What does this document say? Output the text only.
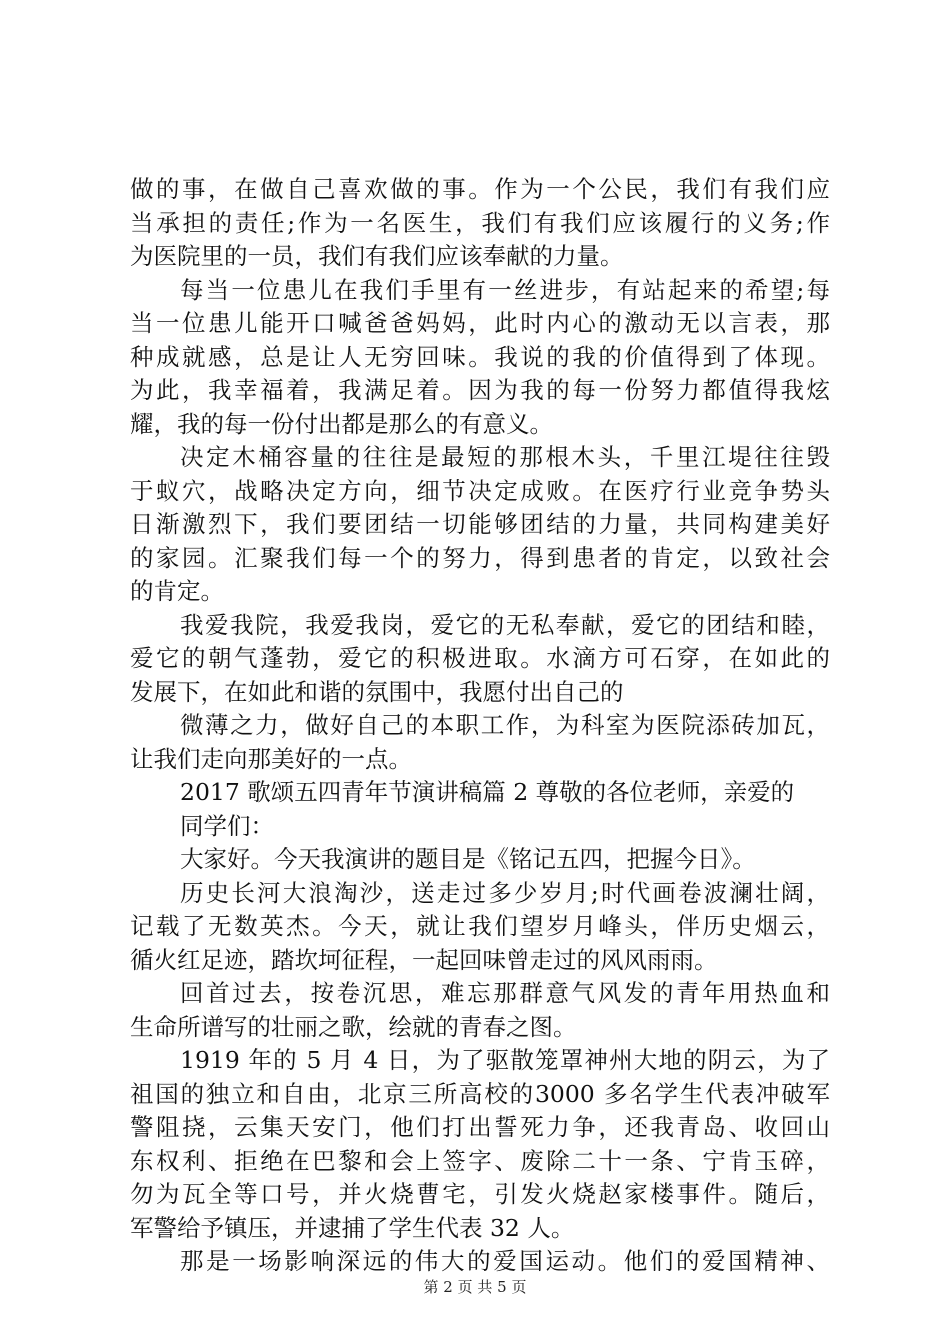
做的事，在做自己喜欢做的事。作为一个公民，我们有我们应
当承担的责任;作为一名医生，我们有我们应该履行的义务;作
为医院里的一员，我们有我们应该奉献的力量。
每当一位患儿在我们手里有一丝进步，有站起来的希望;每
当一位患儿能开口喊爸爸妈妈，此时内心的激动无以言表，那
种成就感，总是让人无穷回味。我说的我的价值得到了体现。
为此，我幸福着，我满足着。因为我的每一份努力都值得我炫
耀，我的每一份付出都是那么的有意义。
决定木桶容量的往往是最短的那根木头，千里江堤往往毁
于蚁穴，战略决定方向，细节决定成败。在医疗行业竞争势头
日渐激烈下，我们要团结一切能够团结的力量，共同构建美好
的家园。汇聚我们每一个的努力，得到患者的肯定，以致社会
的肯定。
我爱我院，我爱我岗，爱它的无私奉献，爱它的团结和睦，
爱它的朝气蓬勃，爱它的积极进取。水滴方可石穿，在如此的
发展下，在如此和谐的氛围中，我愿付出自己的
微薄之力，做好自己的本职工作，为科室为医院添砖加瓦，
让我们走向那美好的一点。
2017 歌颂五四青年节演讲稿篇 2 尊敬的各位老师，亲爱的
同学们：
大家好。今天我演讲的题目是《铭记五四，把握今日》。
历史长河大浪淘沙，送走过多少岁月;时代画卷波澜壮阔，
记载了无数英杰。今天，就让我们望岁月峰头，伴历史烟云，
循火红足迹，踏坎坷征程，一起回味曾走过的风风雨雨。
回首过去，按卷沉思，难忘那群意气风发的青年用热血和
生命所谱写的壮丽之歌，绘就的青春之图。
1919 年的 5 月 4 日，为了驱散笼罩神州大地的阴云，为了
祖国的独立和自由，北京三所高校的3000 多名学生代表冲破军
警阻挠，云集天安门，他们打出誓死力争，还我青岛、收回山
东权利、拒绝在巴黎和会上签字、废除二十一条、宁肯玉碎，
勿为瓦全等口号，并火烧曹宅，引发火烧赵家楼事件。随后，
军警给予镇压，并逮捕了学生代表 32 人。
那是一场影响深远的伟大的爱国运动。他们的爱国精神、
第 2 页 共 5 页
